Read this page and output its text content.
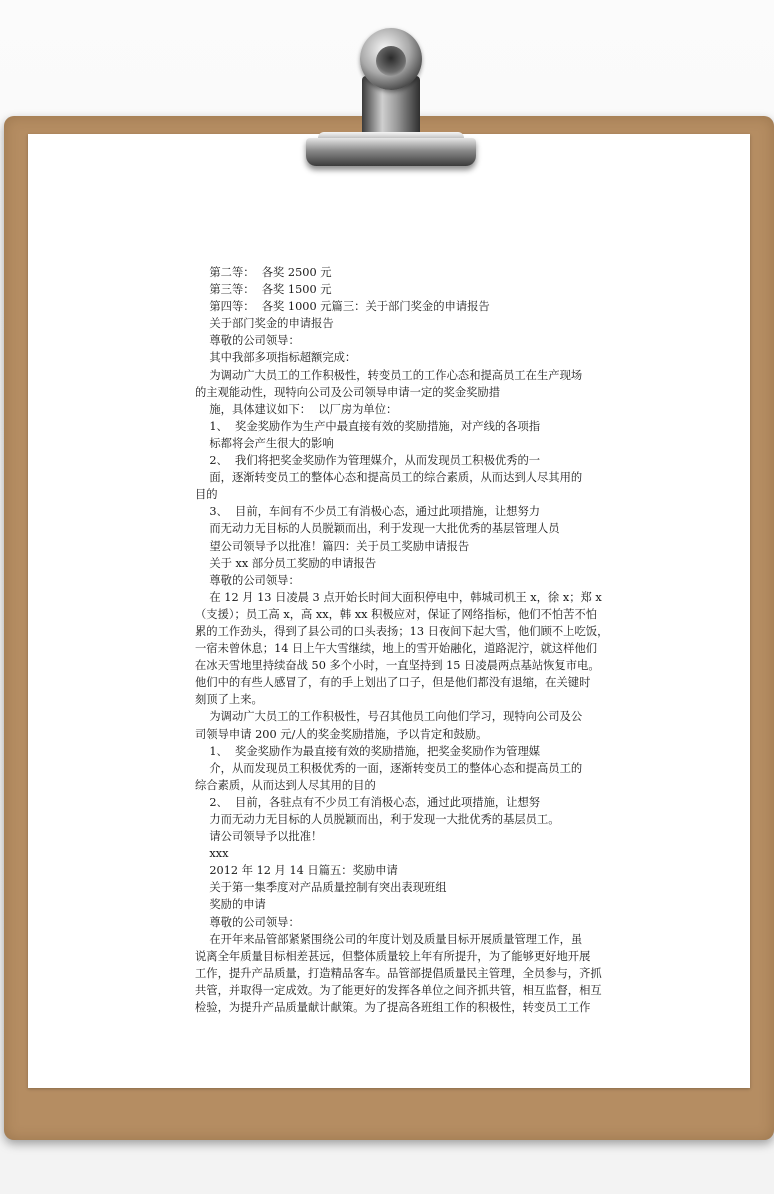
第二等：  各奖 2500 元
第三等：  各奖 1500 元
第四等：  各奖 1000 元篇三：关于部门奖金的申请报告
关于部门奖金的申请报告
尊敬的公司领导：
其中我部多项指标超额完成：
为调动广大员工的工作积极性，转变员工的工作心态和提高员工在生产现场
的主观能动性，现特向公司及公司领导申请一定的奖金奖励措
施，具体建议如下：  以厂房为单位：
1、  奖金奖励作为生产中最直接有效的奖励措施，对产线的各项指
标都将会产生很大的影响
2、  我们将把奖金奖励作为管理媒介，从而发现员工积极优秀的一
面，逐渐转变员工的整体心态和提高员工的综合素质，从而达到人尽其用的
目的
3、  目前，车间有不少员工有消极心态，通过此项措施，让想努力
而无动力无目标的人员脱颖而出，利于发现一大批优秀的基层管理人员
望公司领导予以批准！篇四：关于员工奖励申请报告
关于 xx 部分员工奖励的申请报告
尊敬的公司领导：
在 12 月 13 日凌晨 3 点开始长时间大面积停电中，韩城司机王 x，徐 x；郑 x
（支援）；员工高 x，高 xx，韩 xx 积极应对，保证了网络指标，他们不怕苦不怕
累的工作劲头，得到了县公司的口头表扬；13 日夜间下起大雪，他们顾不上吃饭，
一宿未曾休息；14 日上午大雪继续，地上的雪开始融化，道路泥泞，就这样他们
在冰天雪地里持续奋战 50 多个小时，一直坚持到 15 日凌晨两点基站恢复市电。
他们中的有些人感冒了，有的手上划出了口子，但是他们都没有退缩，在关键时
刻顶了上来。
为调动广大员工的工作积极性，号召其他员工向他们学习，现特向公司及公
司领导申请 200 元/人的奖金奖励措施，予以肯定和鼓励。
1、  奖金奖励作为最直接有效的奖励措施，把奖金奖励作为管理媒
介，从而发现员工积极优秀的一面，逐渐转变员工的整体心态和提高员工的
综合素质，从而达到人尽其用的目的
2、  目前，各驻点有不少员工有消极心态，通过此项措施，让想努
力而无动力无目标的人员脱颖而出，利于发现一大批优秀的基层员工。
请公司领导予以批准！
xxx
2012 年 12 月 14 日篇五：奖励申请
关于第一集季度对产品质量控制有突出表现班组
奖励的申请
尊敬的公司领导：
在开年来品管部紧紧围绕公司的年度计划及质量目标开展质量管理工作，虽
说离全年质量目标相差甚远，但整体质量较上年有所提升，为了能够更好地开展
工作，提升产品质量，打造精品客车。品管部提倡质量民主管理，全员参与，齐抓
共管，并取得一定成效。为了能更好的发挥各单位之间齐抓共管，相互监督，相互
检验，为提升产品质量献计献策。为了提高各班组工作的积极性，转变员工工作
